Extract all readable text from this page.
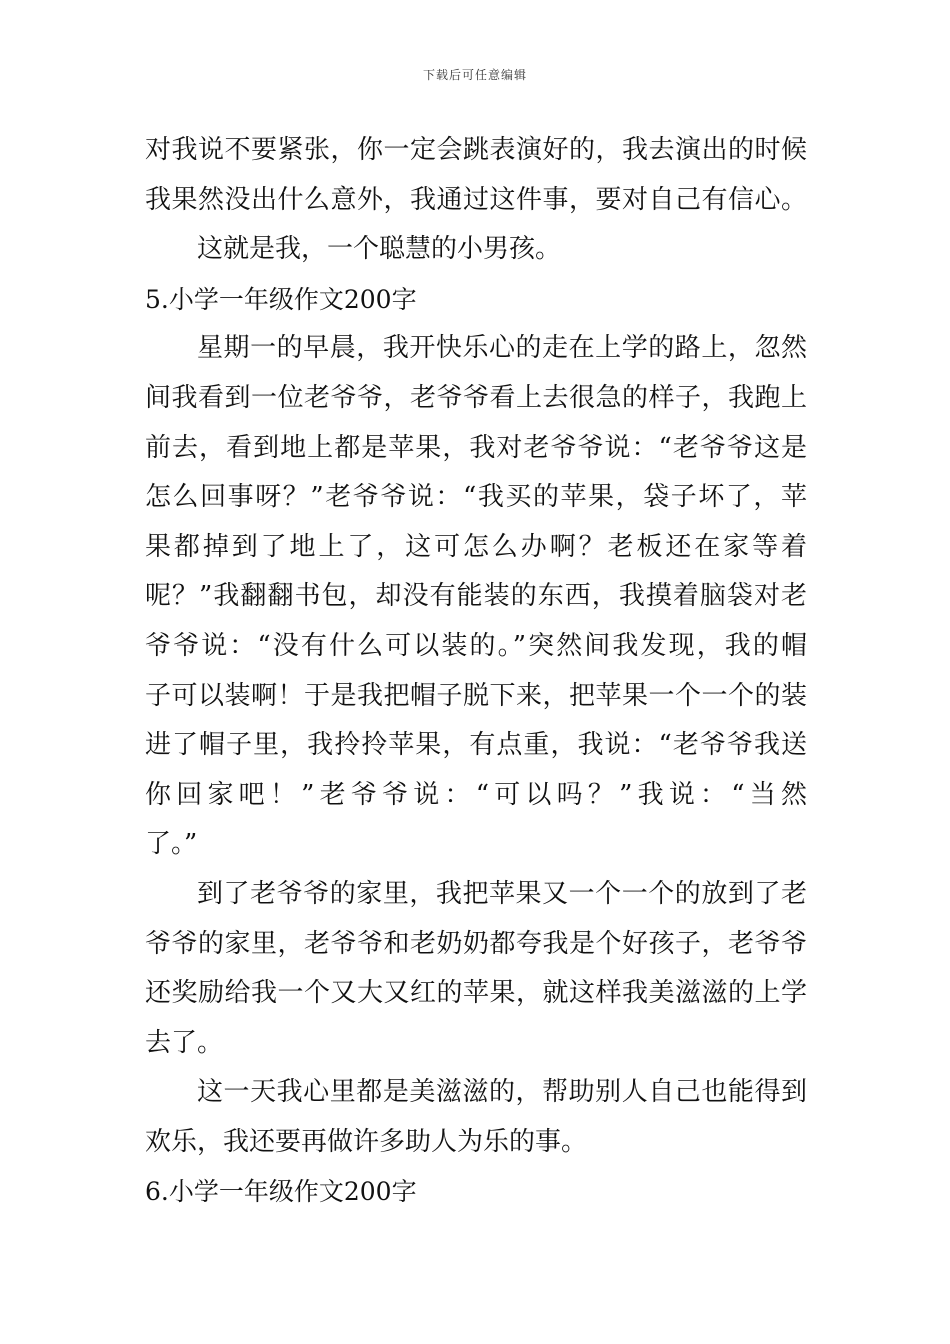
下载后可任意编辑
对我说不要紧张，你一定会跳表演好的，我去演出的时候
我果然没出什么意外，我通过这件事，要对自己有信心。
这就是我，一个聪慧的小男孩。
5.小学一年级作文200字
星期一的早晨，我开快乐心的走在上学的路上，忽然
间我看到一位老爷爷，老爷爷看上去很急的样子，我跑上
前去，看到地上都是苹果，我对老爷爷说：“老爷爷这是
怎么回事呀？”老爷爷说：“我买的苹果，袋子坏了，苹
果都掉到了地上了，这可怎么办啊？老板还在家等着
呢？”我翻翻书包，却没有能装的东西，我摸着脑袋对老
爷爷说：“没有什么可以装的。”突然间我发现，我的帽
子可以装啊！于是我把帽子脱下来，把苹果一个一个的装
进了帽子里，我拎拎苹果，有点重，我说：“老爷爷我送
你回家吧！”老爷爷说：“可以吗？”我说：“当然
了。”
到了老爷爷的家里，我把苹果又一个一个的放到了老
爷爷的家里，老爷爷和老奶奶都夸我是个好孩子，老爷爷
还奖励给我一个又大又红的苹果，就这样我美滋滋的上学
去了。
这一天我心里都是美滋滋的，帮助别人自己也能得到
欢乐，我还要再做许多助人为乐的事。
6.小学一年级作文200字
